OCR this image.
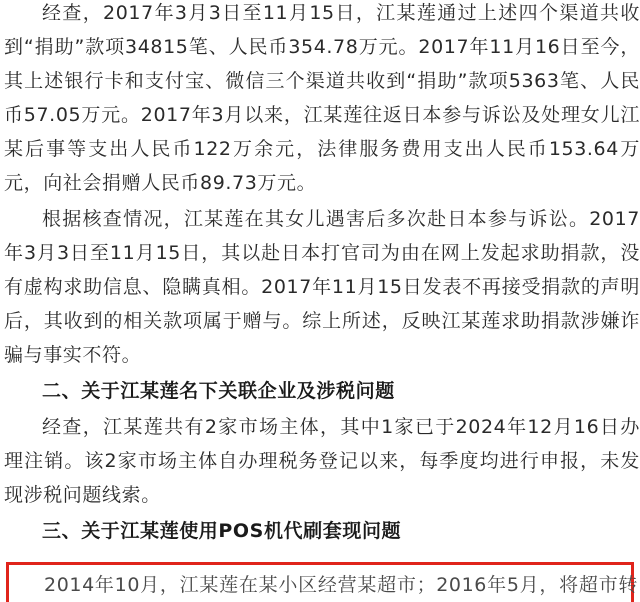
经查，2017年3月3日至11月15日，江某莲通过上述四个渠道共收
到“捐助”款项34815笔、人民币354.78万元。2017年11月16日至今，
其上述银行卡和支付宝、微信三个渠道共收到“捐助”款项5363笔、人民
币57.05万元。2017年3月以来，江某莲往返日本参与诉讼及处理女儿江
某后事等支出人民币122万余元，法律服务费用支出人民币153.64万
元，向社会捐赠人民币89.73万元。
根据核查情况，江某莲在其女儿遇害后多次赴日本参与诉讼。2017
年3月3日至11月15日，其以赴日本打官司为由在网上发起求助捐款，没
有虚构求助信息、隐瞒真相。2017年11月15日发表不再接受捐款的声明
后，其收到的相关款项属于赠与。综上所述，反映江某莲求助捐款涉嫌诈
骗与事实不符。
二、关于江某莲名下关联企业及涉税问题
经查，江某莲共有2家市场主体，其中1家已于2024年12月16日办
理注销。该2家市场主体自办理税务登记以来，每季度均进行申报，未发
现涉税问题线索。
三、关于江某莲使用POS机代刷套现问题
2014年10月，江某莲在某小区经营某超市；2016年5月，将超市转
